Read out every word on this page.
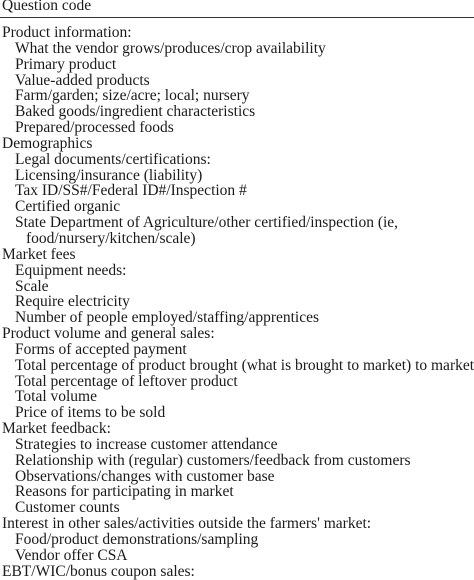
Question code
Product information:
What the vendor grows/produces/crop availability
Primary product
Value-added products
Farm/garden; size/acre; local; nursery
Baked goods/ingredient characteristics
Prepared/processed foods
Demographics
Legal documents/certifications:
Licensing/insurance (liability)
Tax ID/SS#/Federal ID#/Inspection #
Certified organic
State Department of Agriculture/other certified/inspection (ie,
food/nursery/kitchen/scale)
Market fees
Equipment needs:
Scale
Require electricity
Number of people employed/staffing/apprentices
Product volume and general sales:
Forms of accepted payment
Total percentage of product brought (what is brought to market) to market
Total percentage of leftover product
Total volume
Price of items to be sold
Market feedback:
Strategies to increase customer attendance
Relationship with (regular) customers/feedback from customers
Observations/changes with customer base
Reasons for participating in market
Customer counts
Interest in other sales/activities outside the farmers' market:
Food/product demonstrations/sampling
Vendor offer CSA
EBT/WIC/bonus coupon sales:
